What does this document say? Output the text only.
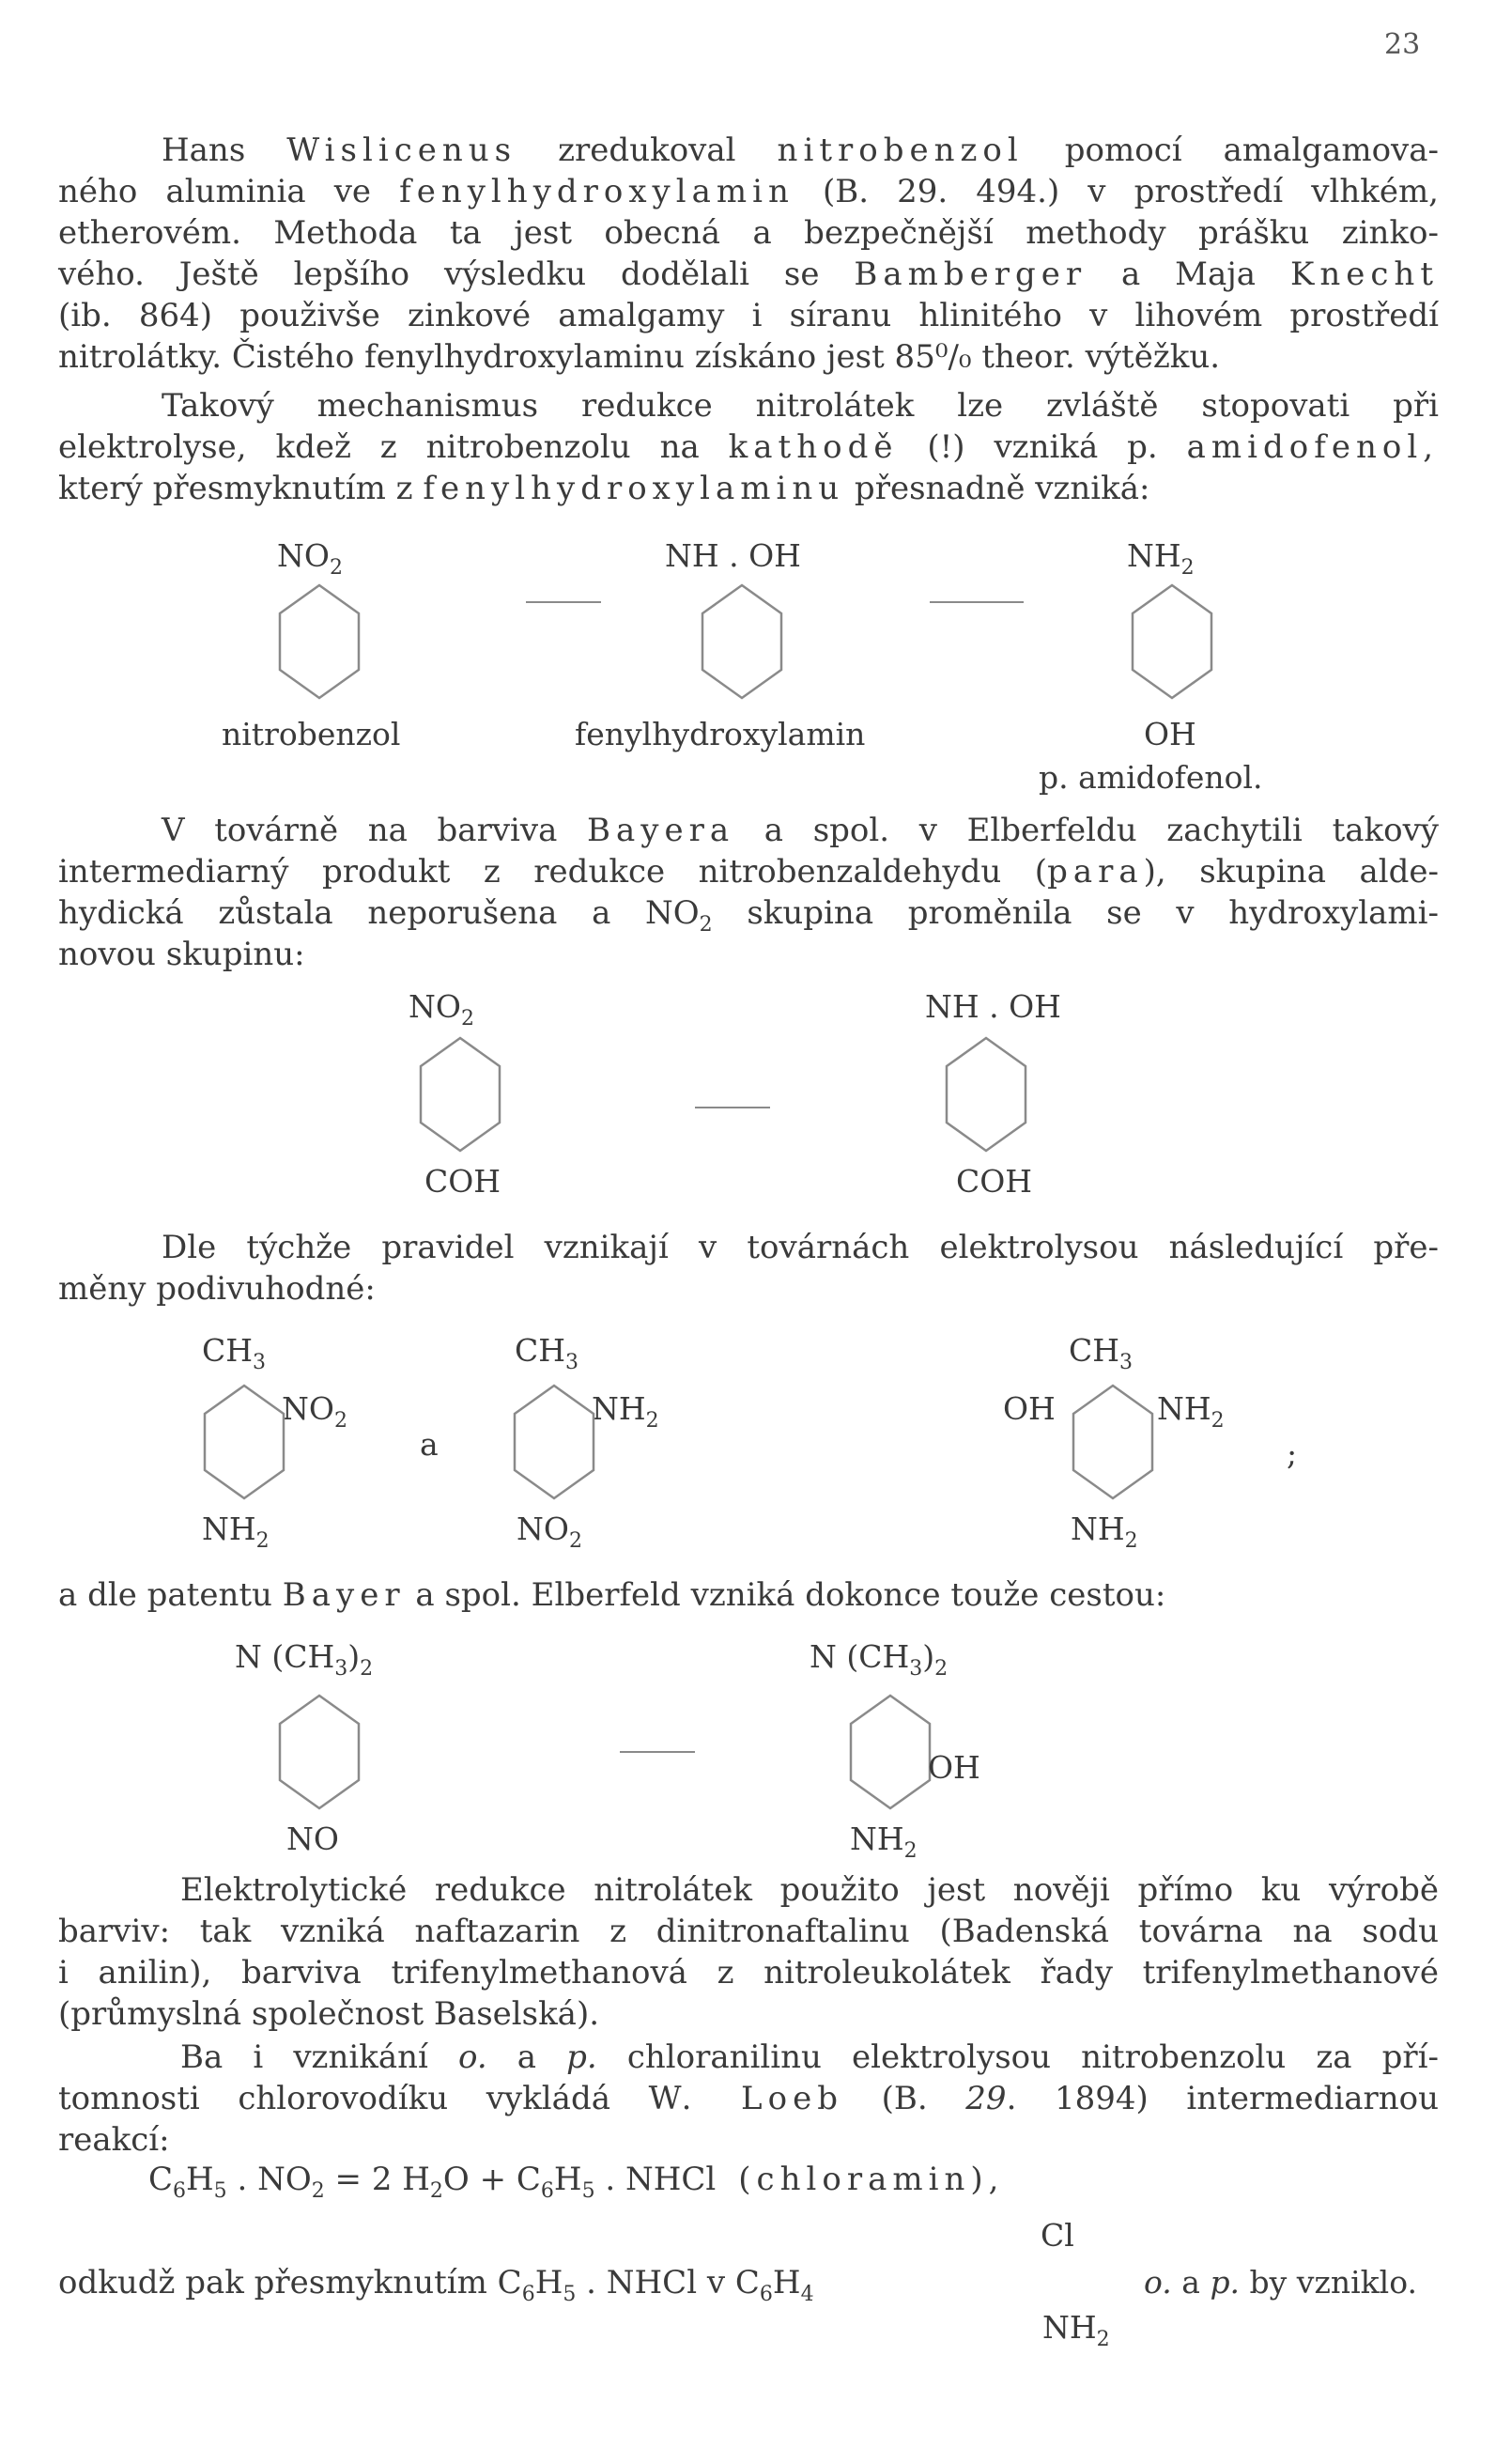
23
Hans Wislicenus zredukoval nitrobenzol pomocí amalgamova-
ného aluminia ve fenylhydroxylamin (B. 29. 494.) v prostředí vlhkém,
etherovém. Methoda ta jest obecná a bezpečnější methody prášku zinko-
vého. Ještě lepšího výsledku dodělali se Bamberger a Maja Knecht
(ib. 864) použivše zinkové amalgamy i síranu hlinitého v lihovém prostředí
nitrolátky. Čistého fenylhydroxylaminu získáno jest 85⁰/₀ theor. výtěžku.
Takový mechanismus redukce nitrolátek lze zvláště stopovati při
elektrolyse, kdež z nitrobenzolu na kathodě (!) vzniká p. amidofenol,
který přesmyknutím z fenylhydroxylaminu přesnadně vzniká:
$NO_2$
nitrobenzol
NH . OH
fenylhydroxylamin
$NH_2$
OH
p. amidofenol.
V továrně na barviva Bayera a spol. v Elberfeldu zachytili takový
intermediarný produkt z redukce nitrobenzaldehydu (para), skupina alde-
hydická zůstala neporušena a $NO_2$ skupina proměnila se v hydroxylami-
novou skupinu:
$NO_2$
COH
NH . OH
COH
Dle týchže pravidel vznikají v továrnách elektrolysou následující pře-
měny podivuhodné:
$CH_3$
$NO_2$
$NH_2$
a
$CH_3$
$NH_2$
$NO_2$
$CH_3$
OH	$NH_2$
$NH_2$
;
a dle patentu Bayer a spol. Elberfeld vzniká dokonce touže cestou:
N $(CH_3)_2$
NO
N $(CH_3)_2$
OH
$NH_2$
Elektrolytické redukce nitrolátek použito jest nověji přímo ku výrobě
barviv: tak vzniká naftazarin z dinitronaftalinu (Badenská továrna na sodu
i anilin), barviva trifenylmethanová z nitroleukolátek řady trifenylmethanové
(průmyslná společnost Baselská).
Ba i vznikání o. a p. chloranilinu elektrolysou nitrobenzolu za pří-
tomnosti chlorovodíku vykládá W. Loeb (B. 29. 1894) intermediarnou
reakcí:
$C_6H_5$ . $NO_2 = 2$ $H_2O + C_6H_5$ . NHCl (chloramin),
Cl
odkudž pak přesmyknutím $C_6H_5$ . NHCl v $C_6H_4$	o. a p. by vzniklo.
$NH_2$
